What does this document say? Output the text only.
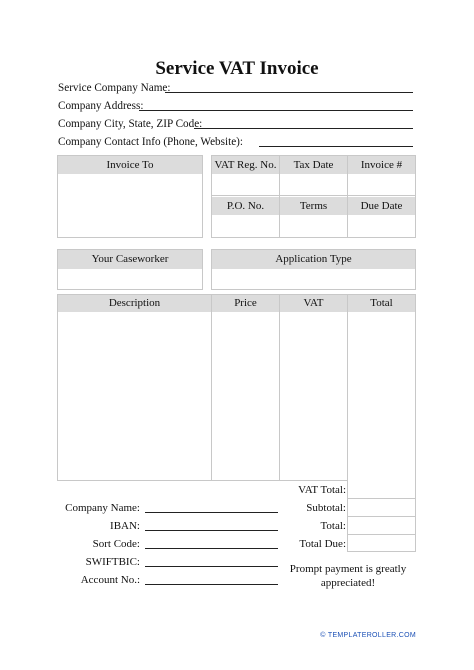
Service VAT Invoice
Service Company Name:
Company Address:
Company City, State, ZIP Code:
Company Contact Info (Phone, Website):
Invoice To	VAT Reg. No.	Tax Date	Invoice #
P.O. No.	Terms	Due Date
Your Caseworker	Application Type
Description	Price	VAT	Total
VAT Total:
Subtotal:
Total:
Total Due:
Prompt payment is greatly appreciated!
Company Name:
IBAN:
Sort Code:
SWIFTBIC:
Account No.:
© TEMPLATEROLLER.COM
